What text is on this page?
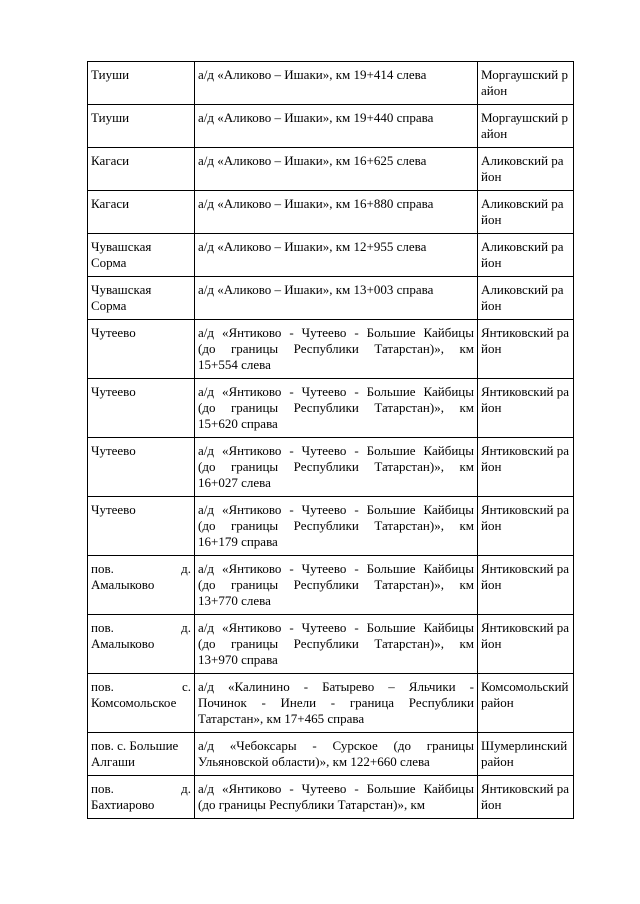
Тиуши	а/д «Аликово – Ишаки», км 19+414 слева	Моргаушский район

Тиуши	а/д «Аликово – Ишаки», км 19+440 справа	Моргаушский район

Кагаси	а/д «Аликово – Ишаки», км 16+625 слева	Аликовский район

Кагаси	а/д «Аликово – Ишаки», км 16+880 справа	Аликовский район

Чувашская
Сорма	а/д «Аликово – Ишаки», км 12+955 слева	Аликовский район

Чувашская
Сорма	а/д «Аликово – Ишаки», км 13+003 справа	Аликовский район

Чутеево	а/д «Янтиково - Чутеево - Большие Кайбицы
(до границы Республики Татарстан)», км
15+554 слева	Янтиковский район

Чутеево	а/д «Янтиково - Чутеево - Большие Кайбицы
(до границы Республики Татарстан)», км
15+620 справа	Янтиковский район

Чутеево	а/д «Янтиково - Чутеево - Большие Кайбицы
(до границы Республики Татарстан)», км
16+027 слева	Янтиковский район

Чутеево	а/д «Янтиково - Чутеево - Большие Кайбицы
(до границы Республики Татарстан)», км
16+179 справа	Янтиковский район

пов. д.
Амалыково	а/д «Янтиково - Чутеево - Большие Кайбицы
(до границы Республики Татарстан)», км
13+770 слева	Янтиковский район

пов. д.
Амалыково	а/д «Янтиково - Чутеево - Большие Кайбицы
(до границы Республики Татарстан)», км
13+970 справа	Янтиковский район

пов. с.
Комсомольское	а/д «Калинино - Батырево – Яльчики -
Починок - Инели - граница Республики
Татарстан», км 17+465 справа	Комсомольский район

пов. с. Большие
Алгаши	а/д «Чебоксары - Сурское (до границы
Ульяновской области)», км 122+660 слева	Шумерлинский район

пов. д.
Бахтиарово	а/д «Янтиково - Чутеево - Большие Кайбицы
(до границы Республики Татарстан)», км	Янтиковский район
